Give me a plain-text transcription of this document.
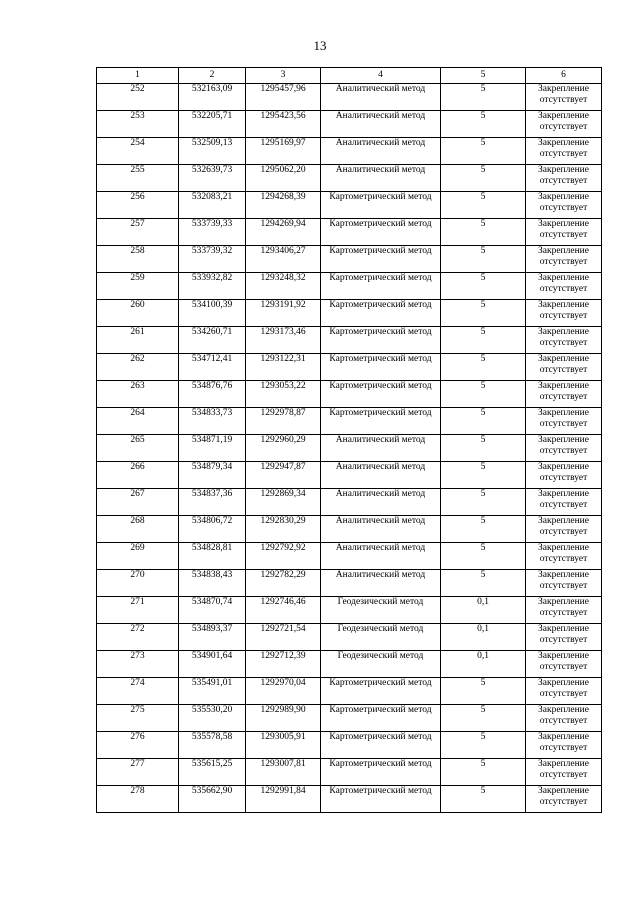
13
1	2	3	4	5	6
252	532163,09	1295457,96	Аналитический метод	5	Закрепление отсутствует
253	532205,71	1295423,56	Аналитический метод	5	Закрепление отсутствует
254	532509,13	1295169,97	Аналитический метод	5	Закрепление отсутствует
255	532639,73	1295062,20	Аналитический метод	5	Закрепление отсутствует
256	532083,21	1294268,39	Картометрический метод	5	Закрепление отсутствует
257	533739,33	1294269,94	Картометрический метод	5	Закрепление отсутствует
258	533739,32	1293406,27	Картометрический метод	5	Закрепление отсутствует
259	533932,82	1293248,32	Картометрический метод	5	Закрепление отсутствует
260	534100,39	1293191,92	Картометрический метод	5	Закрепление отсутствует
261	534260,71	1293173,46	Картометрический метод	5	Закрепление отсутствует
262	534712,41	1293122,31	Картометрический метод	5	Закрепление отсутствует
263	534876,76	1293053,22	Картометрический метод	5	Закрепление отсутствует
264	534833,73	1292978,87	Картометрический метод	5	Закрепление отсутствует
265	534871,19	1292960,29	Аналитический метод	5	Закрепление отсутствует
266	534879,34	1292947,87	Аналитический метод	5	Закрепление отсутствует
267	534837,36	1292869,34	Аналитический метод	5	Закрепление отсутствует
268	534806,72	1292830,29	Аналитический метод	5	Закрепление отсутствует
269	534828,81	1292792,92	Аналитический метод	5	Закрепление отсутствует
270	534838,43	1292782,29	Аналитический метод	5	Закрепление отсутствует
271	534870,74	1292746,46	Геодезический метод	0,1	Закрепление отсутствует
272	534893,37	1292721,54	Геодезический метод	0,1	Закрепление отсутствует
273	534901,64	1292712,39	Геодезический метод	0,1	Закрепление отсутствует
274	535491,01	1292970,04	Картометрический метод	5	Закрепление отсутствует
275	535530,20	1292989,90	Картометрический метод	5	Закрепление отсутствует
276	535578,58	1293005,91	Картометрический метод	5	Закрепление отсутствует
277	535615,25	1293007,81	Картометрический метод	5	Закрепление отсутствует
278	535662,90	1292991,84	Картометрический метод	5	Закрепление отсутствует
